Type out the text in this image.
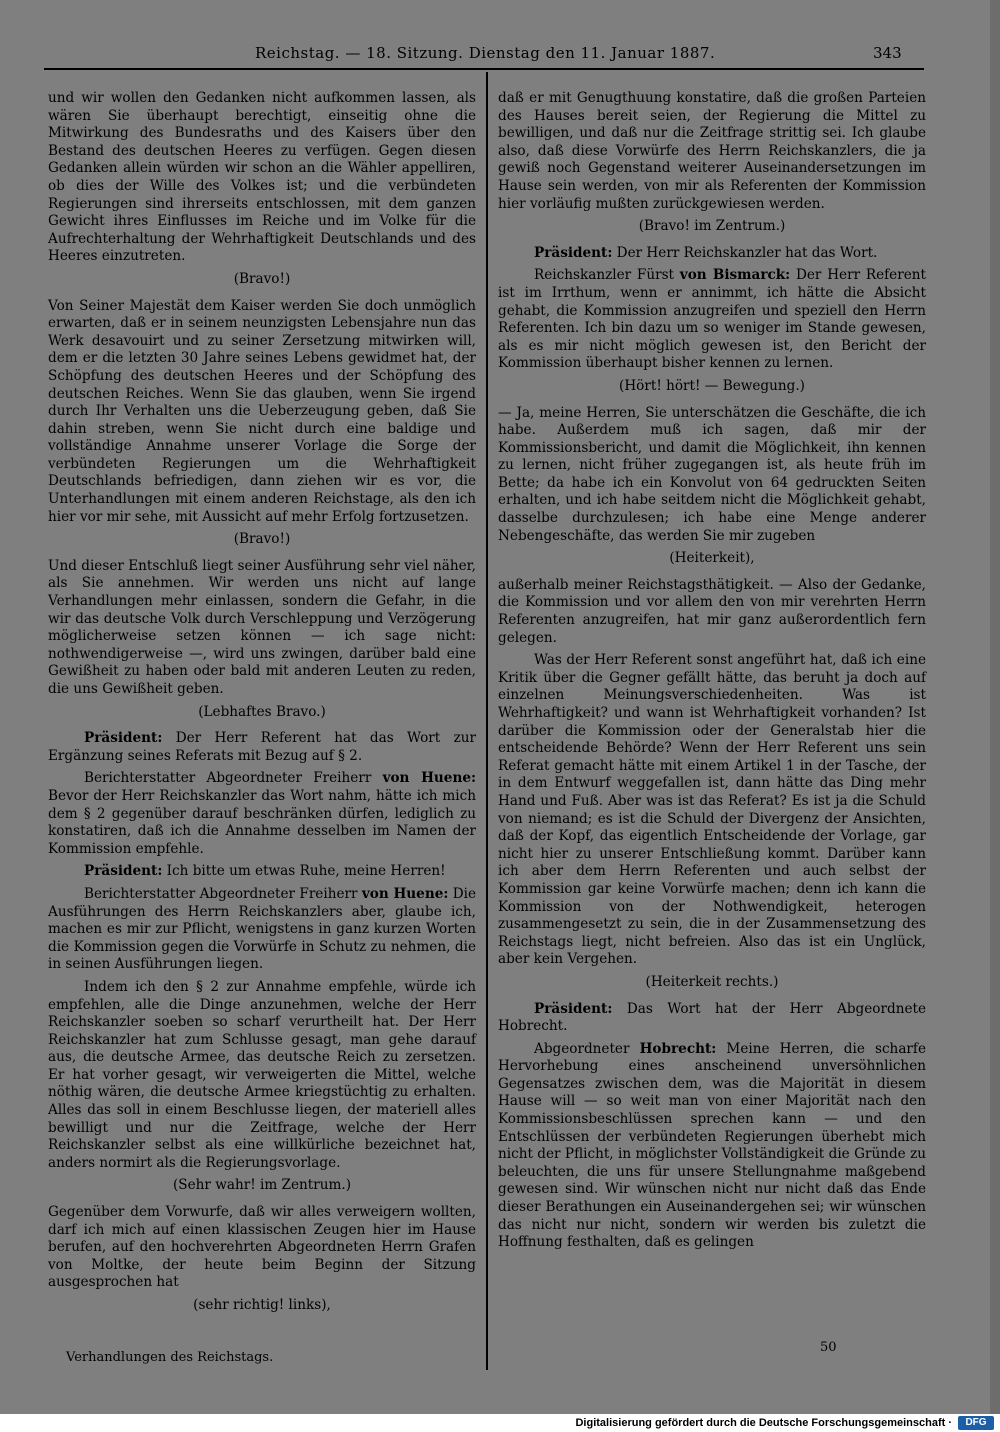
Reichstag. — 18. Sitzung. Dienstag den 11. Januar 1887.	343

und wir wollen den Gedanken nicht aufkommen lassen, als wären Sie überhaupt berechtigt, einseitig ohne die Mitwirkung des Bundesraths und des Kaisers über den Bestand des deutschen Heeres zu verfügen. Gegen diesen Gedanken allein würden wir schon an die Wähler appelliren, ob dies der Wille des Volkes ist; und die verbündeten Regierungen sind ihrerseits entschlossen, mit dem ganzen Gewicht ihres Einflusses im Reiche und im Volke für die Aufrechterhaltung der Wehrhaftigkeit Deutschlands und des Heeres einzutreten.

(Bravo!)

Von Seiner Majestät dem Kaiser werden Sie doch unmöglich erwarten, daß er in seinem neunzigsten Lebensjahre nun das Werk desavouirt und zu seiner Zersetzung mitwirken will, dem er die letzten 30 Jahre seines Lebens gewidmet hat, der Schöpfung des deutschen Heeres und der Schöpfung des deutschen Reiches. Wenn Sie das glauben, wenn Sie irgend durch Ihr Verhalten uns die Ueberzeugung geben, daß Sie dahin streben, wenn Sie nicht durch eine baldige und vollständige Annahme unserer Vorlage die Sorge der verbündeten Regierungen um die Wehrhaftigkeit Deutschlands befriedigen, dann ziehen wir es vor, die Unterhandlungen mit einem anderen Reichstage, als den ich hier vor mir sehe, mit Aussicht auf mehr Erfolg fortzusetzen.

(Bravo!)

Und dieser Entschluß liegt seiner Ausführung sehr viel näher, als Sie annehmen. Wir werden uns nicht auf lange Verhandlungen mehr einlassen, sondern die Gefahr, in die wir das deutsche Volk durch Verschleppung und Verzögerung möglicherweise setzen können — ich sage nicht: nothwendigerweise —, wird uns zwingen, darüber bald eine Gewißheit zu haben oder bald mit anderen Leuten zu reden, die uns Gewißheit geben.

(Lebhaftes Bravo.)

Präsident: Der Herr Referent hat das Wort zur Ergänzung seines Referats mit Bezug auf § 2.

Berichterstatter Abgeordneter Freiherr von Huene: Bevor der Herr Reichskanzler das Wort nahm, hätte ich mich dem § 2 gegenüber darauf beschränken dürfen, lediglich zu konstatiren, daß ich die Annahme desselben im Namen der Kommission empfehle.

Präsident: Ich bitte um etwas Ruhe, meine Herren!

Berichterstatter Abgeordneter Freiherr von Huene: Die Ausführungen des Herrn Reichskanzlers aber, glaube ich, machen es mir zur Pflicht, wenigstens in ganz kurzen Worten die Kommission gegen die Vorwürfe in Schutz zu nehmen, die in seinen Ausführungen liegen.

Indem ich den § 2 zur Annahme empfehle, würde ich empfehlen, alle die Dinge anzunehmen, welche der Herr Reichskanzler soeben so scharf verurtheilt hat. Der Herr Reichskanzler hat zum Schlusse gesagt, man gehe darauf aus, die deutsche Armee, das deutsche Reich zu zersetzen. Er hat vorher gesagt, wir verweigerten die Mittel, welche nöthig wären, die deutsche Armee kriegstüchtig zu erhalten. Alles das soll in einem Beschlusse liegen, der materiell alles bewilligt und nur die Zeitfrage, welche der Herr Reichskanzler selbst als eine willkürliche bezeichnet hat, anders normirt als die Regierungsvorlage.

(Sehr wahr! im Zentrum.)

Gegenüber dem Vorwurfe, daß wir alles verweigern wollten, darf ich mich auf einen klassischen Zeugen hier im Hause berufen, auf den hochverehrten Abgeordneten Herrn Grafen von Moltke, der heute beim Beginn der Sitzung ausgesprochen hat

(sehr richtig! links),

daß er mit Genugthuung konstatire, daß die großen Parteien des Hauses bereit seien, der Regierung die Mittel zu bewilligen, und daß nur die Zeitfrage strittig sei. Ich glaube also, daß diese Vorwürfe des Herrn Reichskanzlers, die ja gewiß noch Gegenstand weiterer Auseinandersetzungen im Hause sein werden, von mir als Referenten der Kommission hier vorläufig mußten zurückgewiesen werden.

(Bravo! im Zentrum.)

Präsident: Der Herr Reichskanzler hat das Wort.

Reichskanzler Fürst von Bismarck: Der Herr Referent ist im Irrthum, wenn er annimmt, ich hätte die Absicht gehabt, die Kommission anzugreifen und speziell den Herrn Referenten. Ich bin dazu um so weniger im Stande gewesen, als es mir nicht möglich gewesen ist, den Bericht der Kommission überhaupt bisher kennen zu lernen.

(Hört! hört! — Bewegung.)

— Ja, meine Herren, Sie unterschätzen die Geschäfte, die ich habe. Außerdem muß ich sagen, daß mir der Kommissionsbericht, und damit die Möglichkeit, ihn kennen zu lernen, nicht früher zugegangen ist, als heute früh im Bette; da habe ich ein Konvolut von 64 gedruckten Seiten erhalten, und ich habe seitdem nicht die Möglichkeit gehabt, dasselbe durchzulesen; ich habe eine Menge anderer Nebengeschäfte, das werden Sie mir zugeben

(Heiterkeit),

außerhalb meiner Reichstagsthätigkeit. — Also der Gedanke, die Kommission und vor allem den von mir verehrten Herrn Referenten anzugreifen, hat mir ganz außerordentlich fern gelegen.

Was der Herr Referent sonst angeführt hat, daß ich eine Kritik über die Gegner gefällt hätte, das beruht ja doch auf einzelnen Meinungsverschiedenheiten. Was ist Wehrhaftigkeit? und wann ist Wehrhaftigkeit vorhanden? Ist darüber die Kommission oder der Generalstab hier die entscheidende Behörde? Wenn der Herr Referent uns sein Referat gemacht hätte mit einem Artikel 1 in der Tasche, der in dem Entwurf weggefallen ist, dann hätte das Ding mehr Hand und Fuß. Aber was ist das Referat? Es ist ja die Schuld von niemand; es ist die Schuld der Divergenz der Ansichten, daß der Kopf, das eigentlich Entscheidende der Vorlage, gar nicht hier zu unserer Entschließung kommt. Darüber kann ich aber dem Herrn Referenten und auch selbst der Kommission gar keine Vorwürfe machen; denn ich kann die Kommission von der Nothwendigkeit, heterogen zusammengesetzt zu sein, die in der Zusammensetzung des Reichstags liegt, nicht befreien. Also das ist ein Unglück, aber kein Vergehen.

(Heiterkeit rechts.)

Präsident: Das Wort hat der Herr Abgeordnete Hobrecht.

Abgeordneter Hobrecht: Meine Herren, die scharfe Hervorhebung eines anscheinend unversöhnlichen Gegensatzes zwischen dem, was die Majorität in diesem Hause will — so weit man von einer Majorität nach den Kommissionsbeschlüssen sprechen kann — und den Entschlüssen der verbündeten Regierungen überhebt mich nicht der Pflicht, in möglichster Vollständigkeit die Gründe zu beleuchten, die uns für unsere Stellungnahme maßgebend gewesen sind. Wir wünschen nicht nur nicht daß das Ende dieser Berathungen ein Auseinandergehen sei; wir wünschen das nicht nur nicht, sondern wir werden bis zuletzt die Hoffnung festhalten, daß es gelingen

Verhandlungen des Reichstags.
50
Digitalisierung gefördert durch die Deutsche Forschungsgemeinschaft ·	DFG
